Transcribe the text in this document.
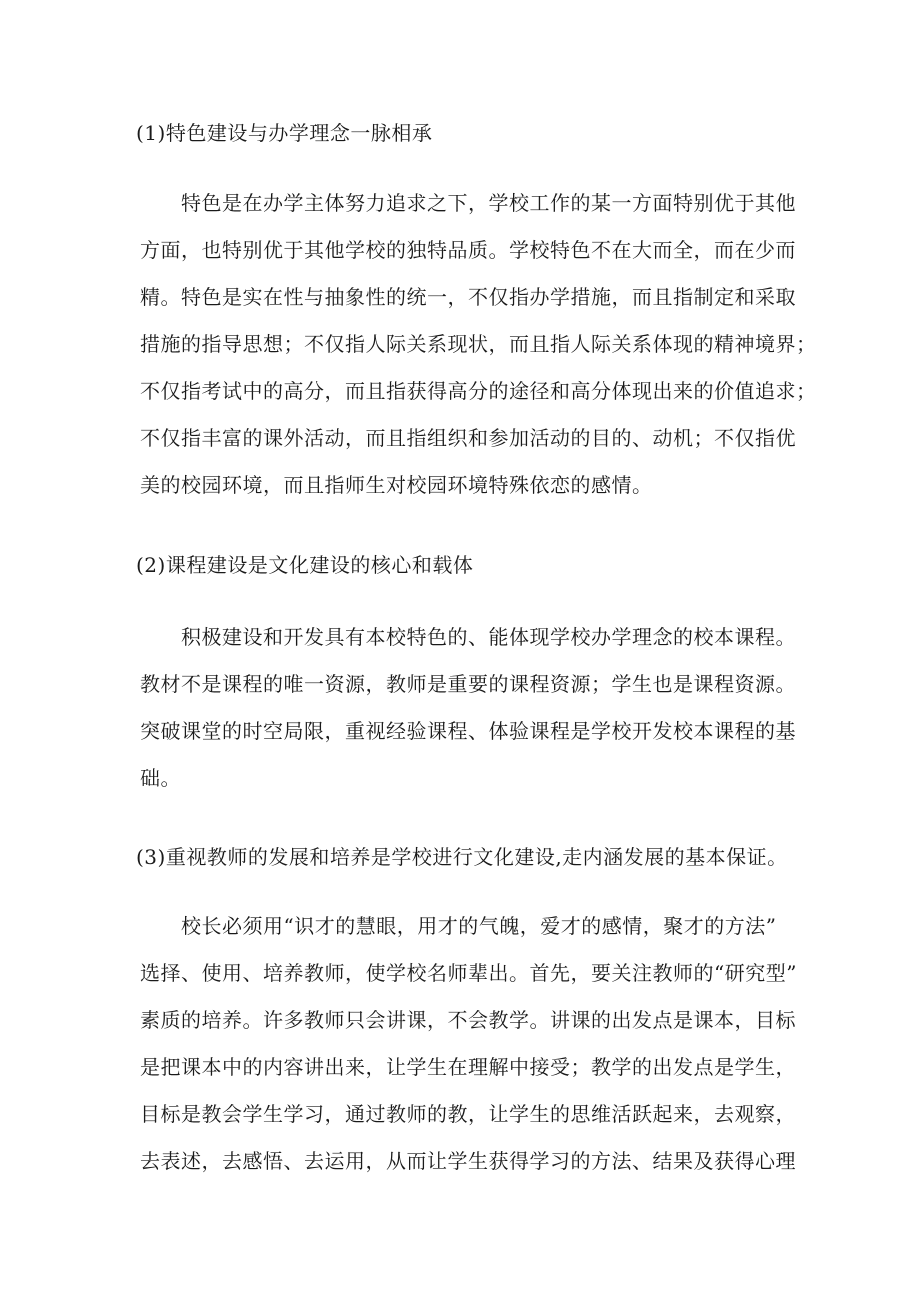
(1)特色建设与办学理念一脉相承
特色是在办学主体努力追求之下，学校工作的某一方面特别优于其他
方面，也特别优于其他学校的独特品质。学校特色不在大而全，而在少而
精。特色是实在性与抽象性的统一，不仅指办学措施，而且指制定和采取
措施的指导思想；不仅指人际关系现状，而且指人际关系体现的精神境界；
不仅指考试中的高分，而且指获得高分的途径和高分体现出来的价值追求；
不仅指丰富的课外活动，而且指组织和参加活动的目的、动机；不仅指优
美的校园环境，而且指师生对校园环境特殊依恋的感情。
(2)课程建设是文化建设的核心和载体
积极建设和开发具有本校特色的、能体现学校办学理念的校本课程。
教材不是课程的唯一资源，教师是重要的课程资源；学生也是课程资源。
突破课堂的时空局限，重视经验课程、体验课程是学校开发校本课程的基
础。
(3)重视教师的发展和培养是学校进行文化建设,走内涵发展的基本保证。
校长必须用“识才的慧眼，用才的气魄，爱才的感情，聚才的方法”
选择、使用、培养教师，使学校名师辈出。首先，要关注教师的“研究型”
素质的培养。许多教师只会讲课，不会教学。讲课的出发点是课本，目标
是把课本中的内容讲出来，让学生在理解中接受；教学的出发点是学生，
目标是教会学生学习，通过教师的教，让学生的思维活跃起来，去观察，
去表述，去感悟、去运用，从而让学生获得学习的方法、结果及获得心理
